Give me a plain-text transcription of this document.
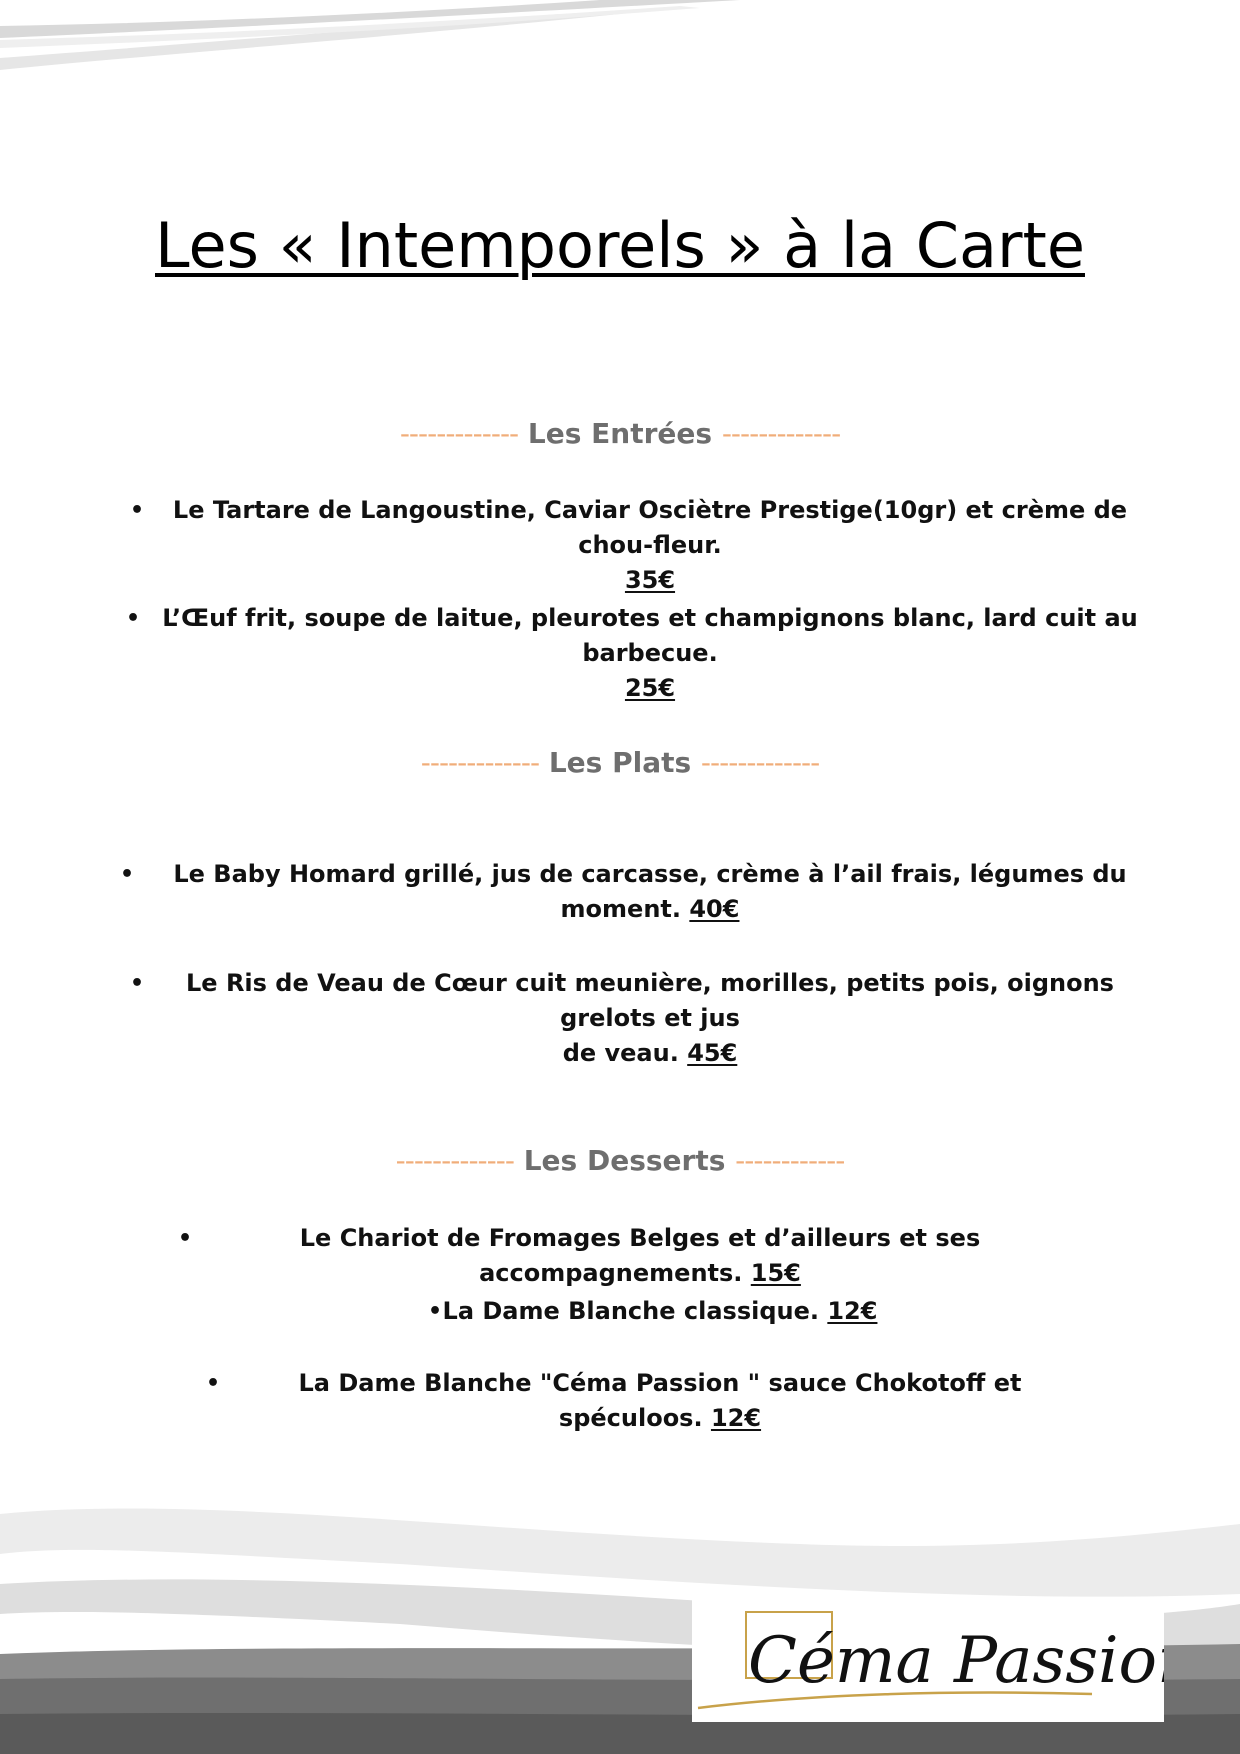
Les « Intemporels » à la Carte
------------- Les Entrées -------------
•	Le Tartare de Langoustine, Caviar Osciètre Prestige(10gr) et crème de chou-fleur.
35€
• L’Œuf frit, soupe de laitue, pleurotes et champignons blanc, lard cuit au barbecue.
25€
------------- Les Plats -------------
•	Le Baby Homard grillé, jus de carcasse, crème à l’ail frais, légumes du moment. 40€
•	Le Ris de Veau de Cœur cuit meunière, morilles, petits pois, oignons grelots et jus
de veau. 45€
------------- Les Desserts ------------
•	Le Chariot de Fromages Belges et d’ailleurs et ses accompagnements. 15€
• La Dame Blanche classique. 12€
•	La Dame Blanche "Céma Passion " sauce Chokotoff et spéculoos. 12€
Céma Passion
